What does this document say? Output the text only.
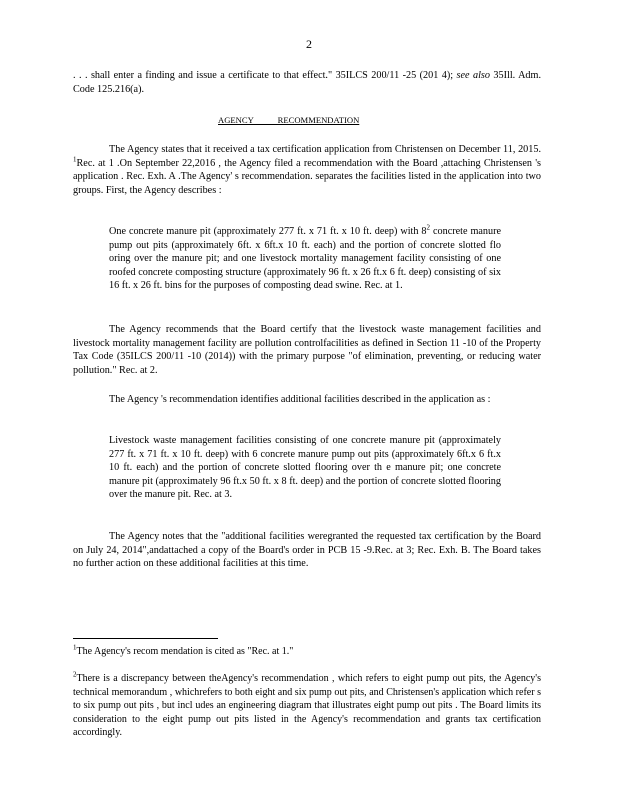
2

. . . shall enter a finding and issue a certificate to that effect." 35ILCS 200/11 -25 (201 4); see also 35Ill. Adm. Code 125.216(a).

AGENCY RECOMMENDATION

The Agency states that it received a tax certification application from Christensen on December 11, 2015. $^1$Rec. at 1 .On September 22,2016 , the Agency filed a recommendation with the Board ,attaching Christensen 's application . Rec. Exh. A .The Agency' s recommendation. separates the facilities listed in the application into two groups. First, the Agency describes :

One concrete manure pit (approximately 277 ft. x 71 ft. x 10 ft. deep) with $8^2$ concrete manure pump out pits (approximately 6ft. x 6ft.x 10 ft. each) and the portion of concrete slotted flo oring over the manure pit; and one livestock mortality management facility consisting of one roofed concrete composting structure (approximately 96 ft. x 26 ft.x 6 ft. deep) consisting of six 16 ft. x 26 ft. bins for the purposes of composting dead swine. Rec. at 1.

The Agency recommends that the Board certify that the livestock waste management facilities and livestock mortality management facility are pollution controlfacilities as defined in Section 11 -10 of the Property Tax Code (35ILCS 200/11 -10 (2014)) with the primary purpose "of elimination, preventing, or reducing water pollution." Rec. at 2.

The Agency 's recommendation identifies additional facilities described in the application as :

Livestock waste management facilities consisting of one concrete manure pit (approximately 277 ft. x 71 ft. x 10 ft. deep) with 6 concrete manure pump out pits (approximately 6ft.x 6 ft.x 10 ft. each) and the portion of concrete slotted flooring over th e manure pit; one concrete manure pit (approximately 96 ft.x 50 ft. x 8 ft. deep) and the portion of concrete slotted flooring over the manure pit. Rec. at 3.

The Agency notes that the "additional facilities weregranted the requested tax certification by the Board on July 24, 2014",andattached a copy of the Board's order in PCB 15 -9.Rec. at 3; Rec. Exh. B. The Board takes no further action on these additional facilities at this time.

$^1$The Agency's recom mendation is cited as "Rec. at 1."

$^2$There is a discrepancy between theAgency's recommendation , which refers to eight pump out pits, the Agency's technical memorandum , whichrefers to both eight and six pump out pits, and Christensen's application which refer s to six pump out pits , but incl udes an engineering diagram that illustrates eight pump out pits . The Board limits its consideration to the eight pump out pits listed in the Agency's recommendation and grants tax certification accordingly.
